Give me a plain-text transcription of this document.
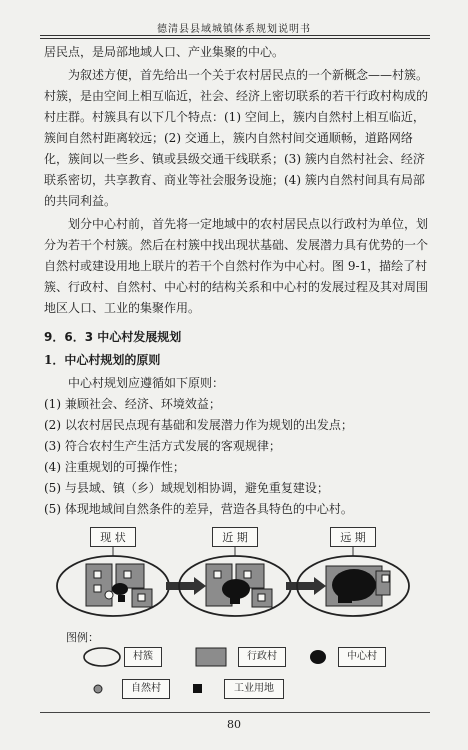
德清县县域城镇体系规划说明书

居民点，是局部地域人口、产业集聚的中心。

为叙述方便，首先给出一个关于农村居民点的一个新概念——村簇。村簇，是由空间上相互临近，社会、经济上密切联系的若干行政村构成的村庄群。村簇具有以下几个特点：(1) 空间上，簇内自然村上相互临近，簇间自然村距离较远；(2) 交通上，簇内自然村间交通顺畅，道路网络化，簇间以一些乡、镇或县级交通干线联系；(3) 簇内自然村社会、经济联系密切，共享教育、商业等社会服务设施；(4) 簇内自然村间具有局部的共同利益。

划分中心村前，首先将一定地域中的农村居民点以行政村为单位，划分为若干个村簇。然后在村簇中找出现状基础、发展潜力具有优势的一个自然村或建设用地上联片的若干个自然村作为中心村。图 9-1，描绘了村簇、行政村、自然村、中心村的结构关系和中心村的发展过程及其对周围地区人口、工业的集聚作用。

9．6．3 中心村发展规划

1．中心村规划的原则

中心村规划应遵循如下原则：

(1) 兼顾社会、经济、环境效益；

(2) 以农村居民点现有基础和发展潜力作为规划的出发点；

(3) 符合农村生产生活方式发展的客观规律；

(4) 注重规划的可操作性；

(5) 与县域、镇（乡）域规划相协调，避免重复建设；

(5) 体现地域间自然条件的差异，营造各具特色的中心村。

现 状	近 期	远 期
图例：
村簇	行政村	中心村
自然村	工业用地
80
